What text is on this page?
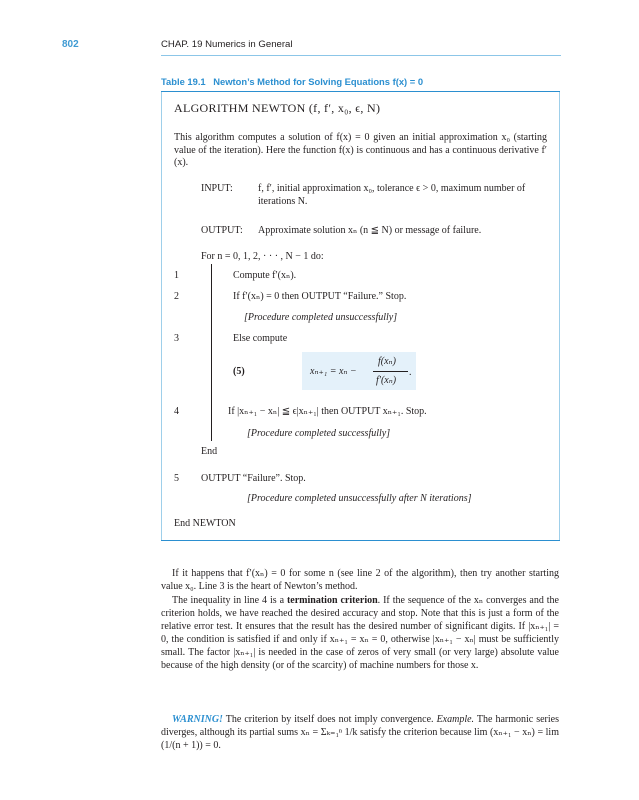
802	CHAP. 19 Numerics in General
Table 19.1 Newton’s Method for Solving Equations f(x) = 0
ALGORITHM NEWTON (f, f′, x₀, ϵ, N)
This algorithm computes a solution of f(x) = 0 given an initial approximation x₀ (starting value of the iteration). Here the function f(x) is continuous and has a continuous derivative f′(x).
INPUT:	f, f′, initial approximation x₀, tolerance ϵ > 0, maximum number of iterations N.
OUTPUT: Approximate solution xₙ (n ≦ N) or message of failure.
For n = 0, 1, 2, · · · , N − 1 do:
1	Compute f′(xₙ).
2	If f′(xₙ) = 0 then OUTPUT “Failure.” Stop.
[Procedure completed unsuccessfully]
3	Else compute
(5)	xₙ₊₁ = xₙ −
f(xₙ)
f′(xₙ)
.
4	If |xₙ₊₁ − xₙ| ≦ ϵ|xₙ₊₁| then OUTPUT xₙ₊₁. Stop.
[Procedure completed successfully]
End
5 OUTPUT “Failure”. Stop.
[Procedure completed unsuccessfully after N iterations]
End NEWTON
If it happens that f′(xₙ) = 0 for some n (see line 2 of the algorithm), then try another starting value x₀. Line 3 is the heart of Newton’s method.
The inequality in line 4 is a termination criterion. If the sequence of the xₙ converges and the criterion holds, we have reached the desired accuracy and stop. Note that this is just a form of the relative error test. It ensures that the result has the desired number of significant digits. If |xₙ₊₁| = 0, the condition is satisfied if and only if xₙ₊₁ = xₙ = 0, otherwise |xₙ₊₁ − xₙ| must be sufficiently small. The factor |xₙ₊₁| is needed in the case of zeros of very small (or very large) absolute value because of the high density (or of the scarcity) of machine numbers for those x.
WARNING! The criterion by itself does not imply convergence. Example. The harmonic series diverges, although its partial sums xₙ = Σₖ₌₁ⁿ 1/k satisfy the criterion because lim (xₙ₊₁ − xₙ) = lim (1/(n + 1)) = 0.
